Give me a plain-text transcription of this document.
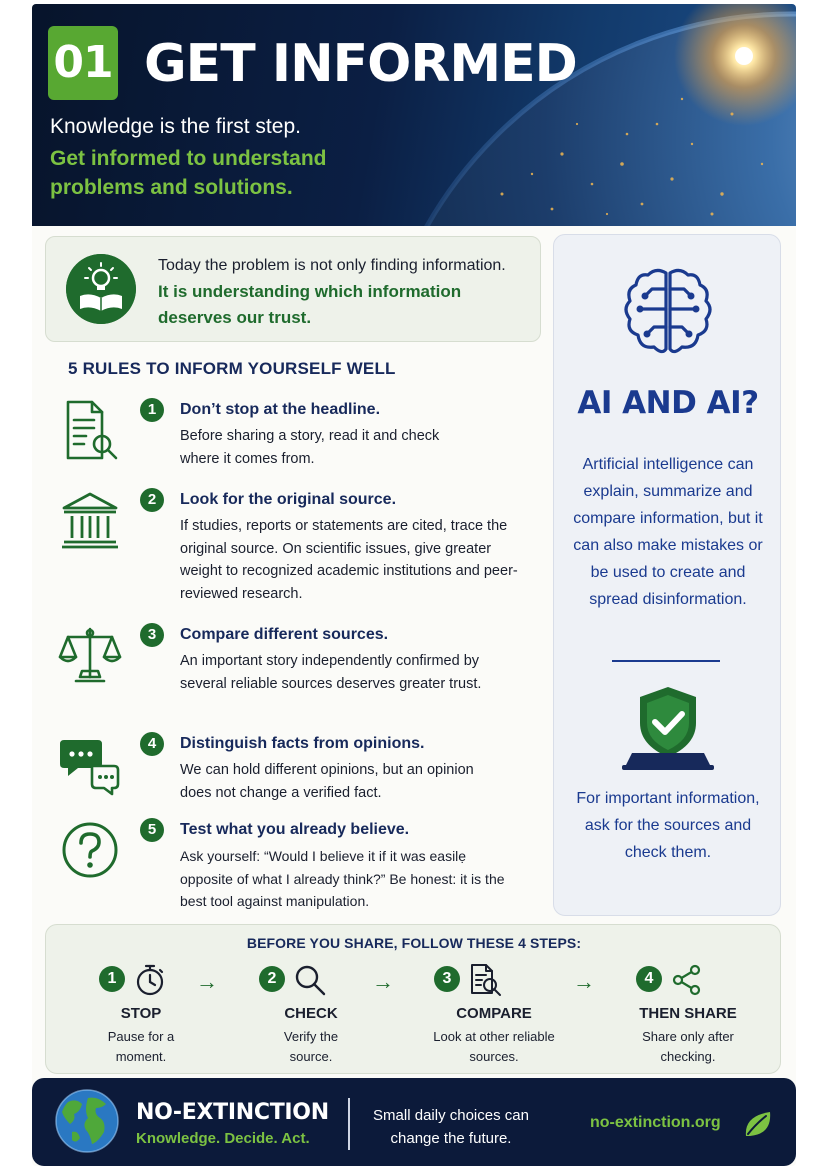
01 GET INFORMED
Knowledge is the first step.
Get informed to understand problems and solutions.
Today the problem is not only finding information.
It is understanding which information deserves our trust.
5 RULES TO INFORM YOURSELF WELL
1	Don’t stop at the headline.
Before sharing a story, read it and check where it comes from.
2	Look for the original source.
If studies, reports or statements are cited, trace the original source. On scientific issues, give greater weight to recognized academic institutions and peer-reviewed research.
3	Compare different sources.
An important story independently confirmed by several reliable sources deserves greater trust.
4	Distinguish facts from opinions.
We can hold different opinions, but an opinion does not change a verified fact.
5	Test what you already believe.
Ask yourself: “Would I believe it if it was easilẹ opposite of what I already think?” Be honest: it is the best tool against manipulation.
AI AND AI?
Artificial intelligence can explain, summarize and compare information, but it can also make mistakes or be used to create and spread disinformation.
For important information, ask for the sources and check them.
BEFORE YOU SHARE, FOLLOW THESE 4 STEPS:
1
STOP
Pause for a moment.
→	2
CHECK
Verify the source.
→	3
COMPARE
Look at other reliable sources.
→	4
THEN SHARE
Share only after checking.
NO-EXTINCTION
Knowledge. Decide. Act.
Small daily choices can change the future.
no-extinction.org
